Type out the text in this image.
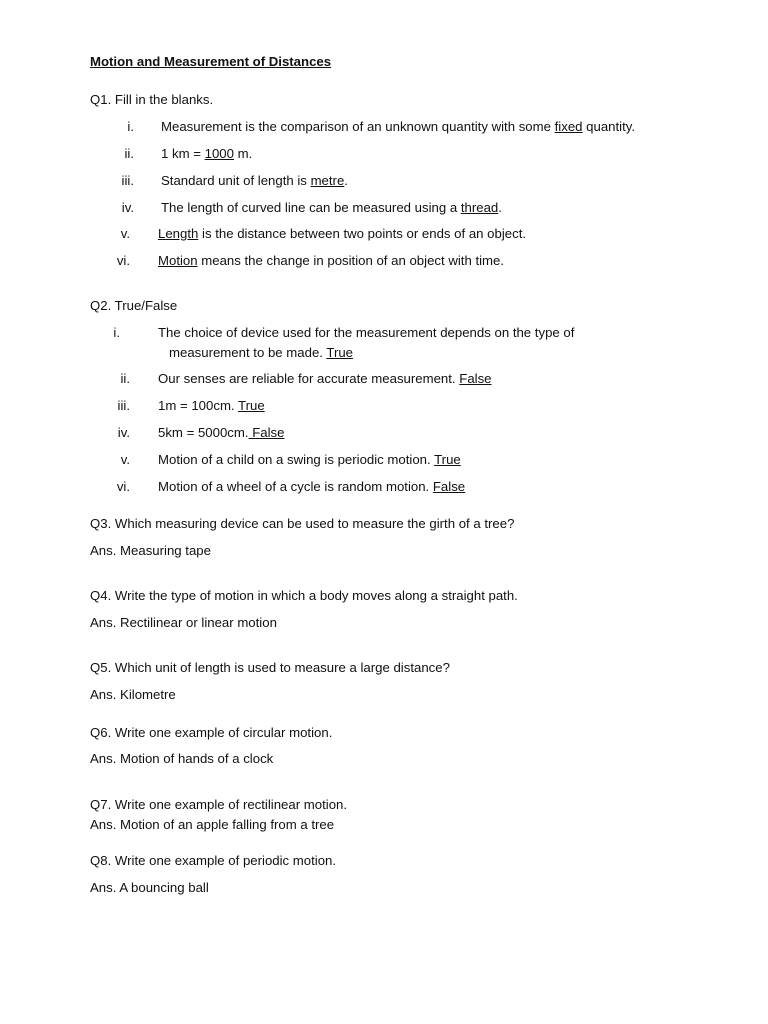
Motion and Measurement of Distances
Q1. Fill in the blanks.
i. Measurement is the comparison of an unknown quantity with some fixed quantity.
ii. 1 km = 1000 m.
iii. Standard unit of length is metre.
iv. The length of curved line can be measured using a thread.
v. Length is the distance between two points or ends of an object.
vi. Motion means the change in position of an object with time.
Q2. True/False
i.	The choice of device used for the measurement depends on the type of
measurement to be made. True
ii. Our senses are reliable for accurate measurement. False
iii. 1m = 100cm. True
iv. 5km = 5000cm. False
v. Motion of a child on a swing is periodic motion. True
vi. Motion of a wheel of a cycle is random motion. False
Q3. Which measuring device can be used to measure the girth of a tree?
Ans. Measuring tape
Q4. Write the type of motion in which a body moves along a straight path.
Ans. Rectilinear or linear motion
Q5. Which unit of length is used to measure a large distance?
Ans. Kilometre
Q6. Write one example of circular motion.
Ans. Motion of hands of a clock
Q7. Write one example of rectilinear motion.
Ans. Motion of an apple falling from a tree
Q8. Write one example of periodic motion.
Ans. A bouncing ball
